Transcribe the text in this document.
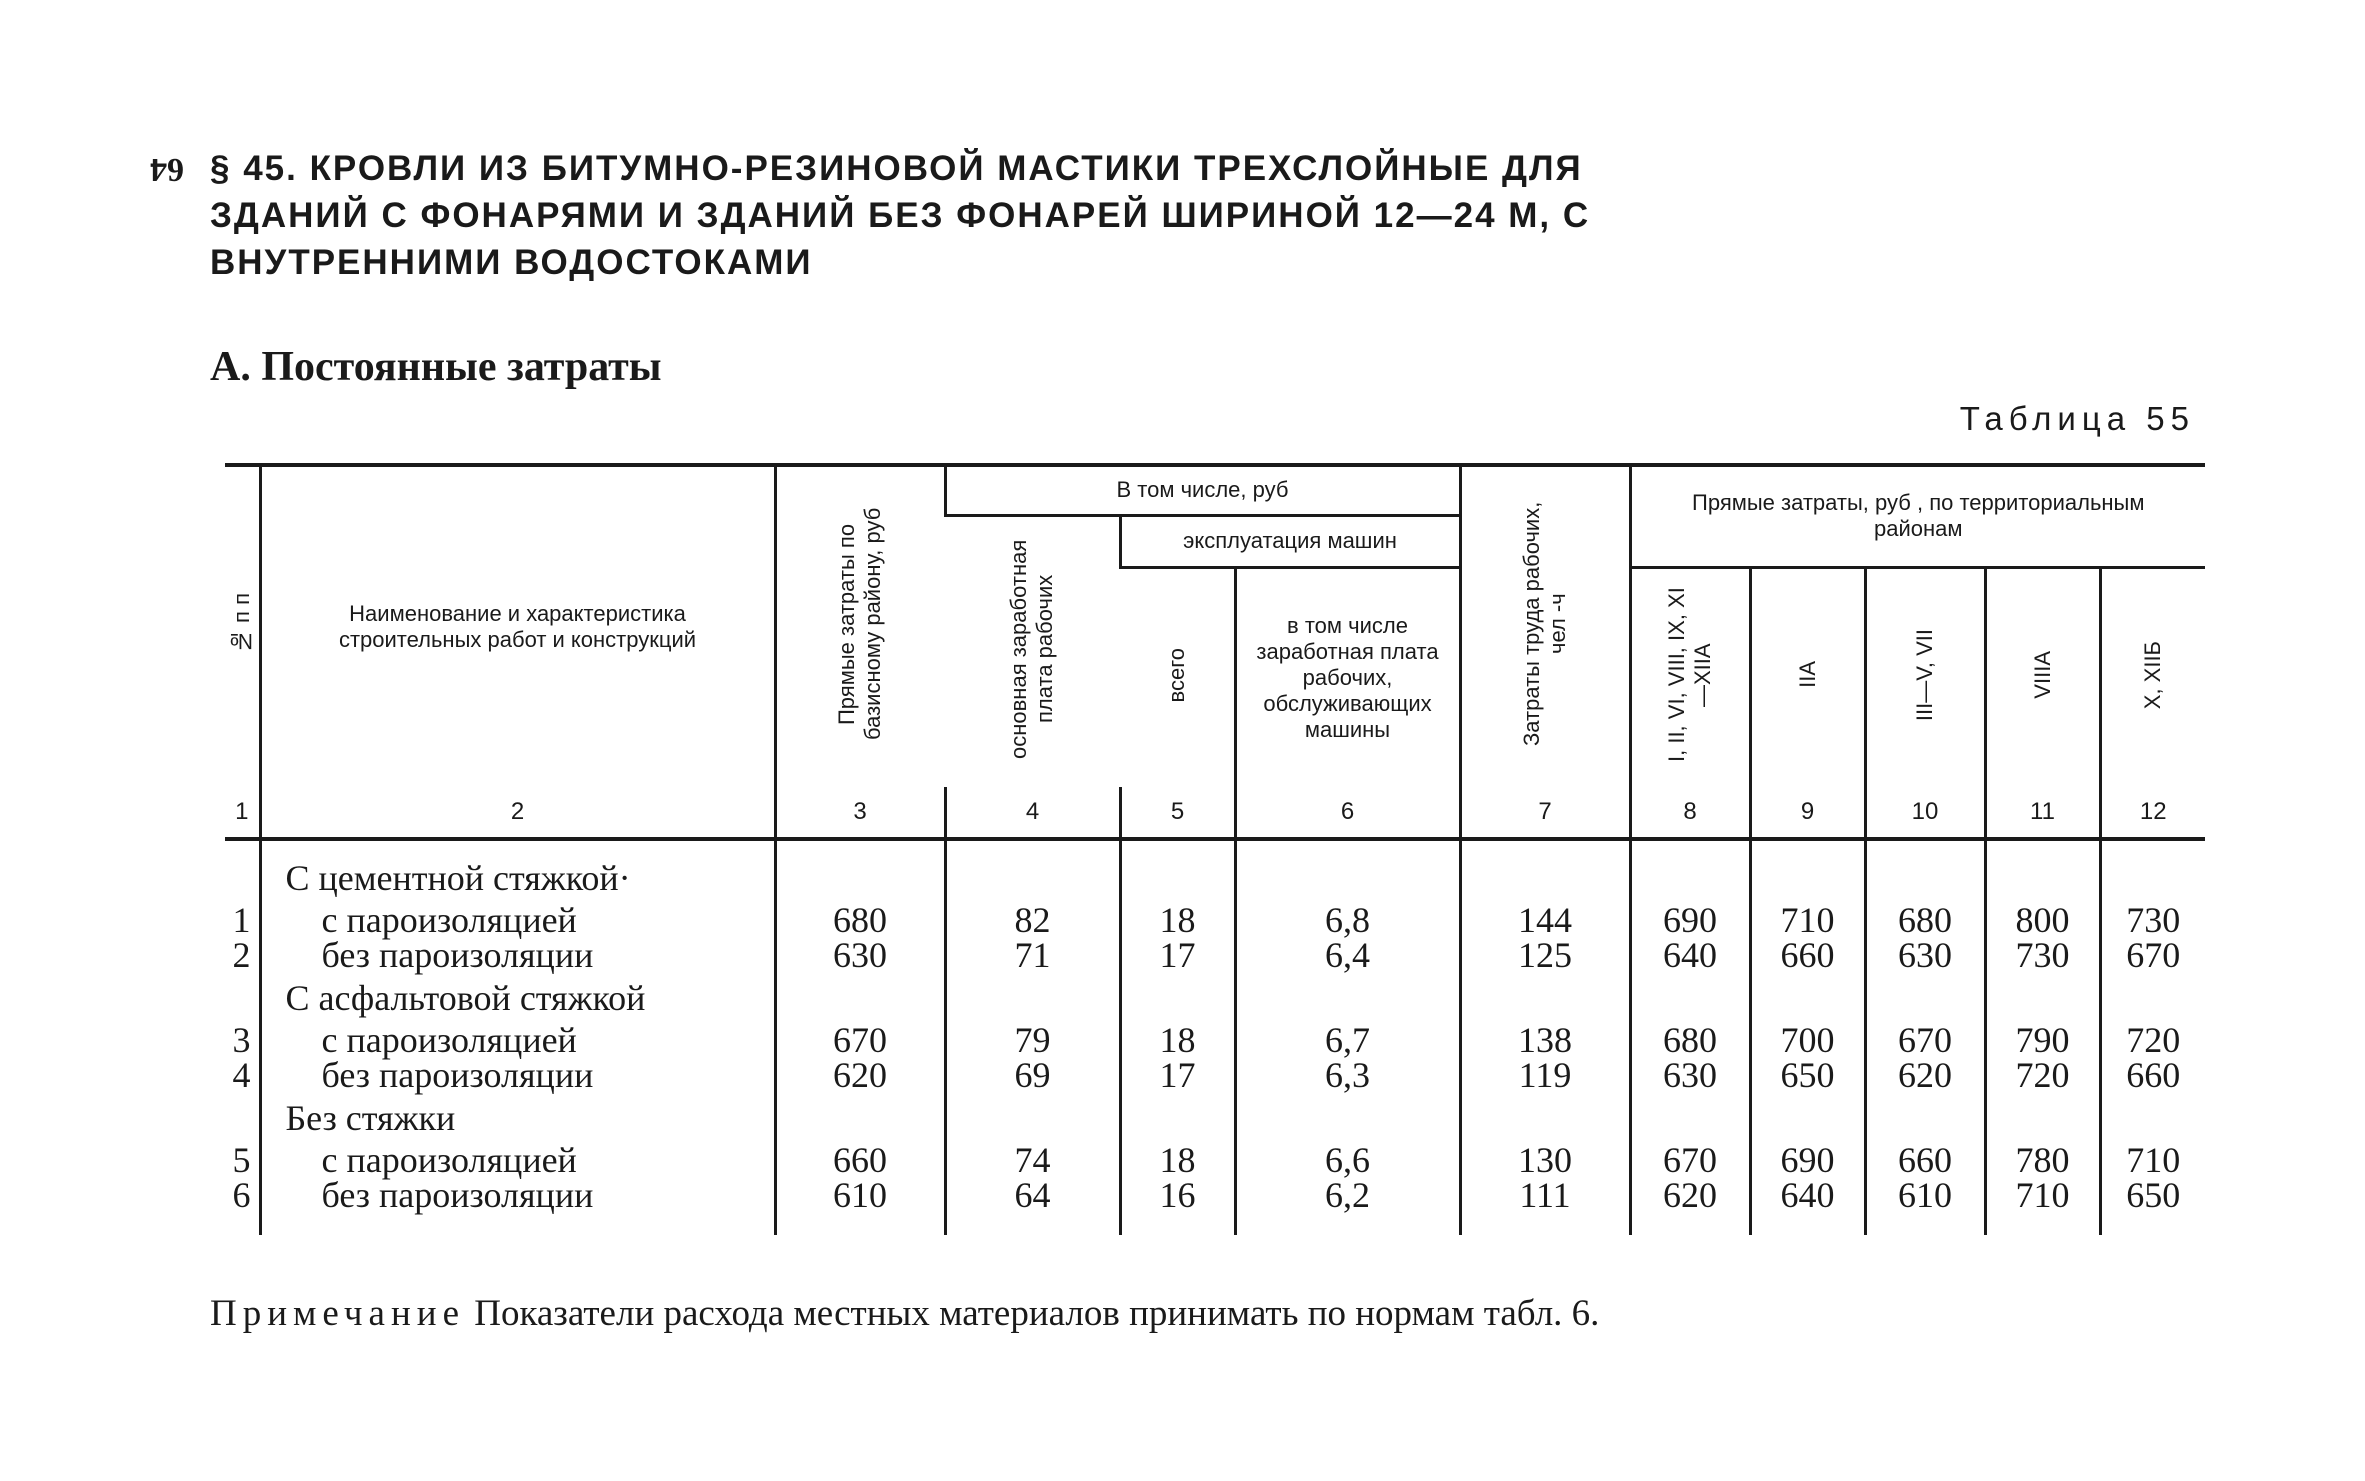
64 § 45. КРОВЛИ ИЗ БИТУМНО-РЕЗИНОВОЙ МАСТИКИ ТРЕХСЛОЙНЫЕ ДЛЯ ЗДАНИЙ С ФОНАРЯМИ И ЗДАНИЙ БЕЗ ФОНАРЕЙ ШИРИНОЙ 12—24 М, С ВНУТРЕННИМИ ВОДОСТОКАМИ
А. Постоянные затраты
Таблица 55
№ п п	Наименование и характеристика строительных работ и конструкций	Прямые затраты по базисному району, руб	В том числе, руб			Затраты труда рабочих, чел -ч	Прямые затраты, руб , по территориальным районам				
			основная заработная плата рабочих	эксплуатация машин							
				всего	в том числе заработная плата рабочих, обслуживающих машины		I, II, VI, VIII, IX, XI—XIIA	IIA	III—V, VII	VIIIA	X, XIIБ
1	2	3	4	5	6	7	8	9	10	11	12

	С цементной стяжкой·										
1	с пароизоляцией	680	82	18	6,8	144	690	710	680	800	730
2	без пароизоляции	630	71	17	6,4	125	640	660	630	730	670
	С асфальтовой стяжкой										
3	с пароизоляцией	670	79	18	6,7	138	680	700	670	790	720
4	без пароизоляции	620	69	17	6,3	119	630	650	620	720	660
	Без стяжки										
5	с пароизоляцией	660	74	18	6,6	130	670	690	660	780	710
6	без пароизоляции	610	64	16	6,2	111	620	640	610	710	650

Примечание Показатели расхода местных материалов принимать по нормам табл. 6.
